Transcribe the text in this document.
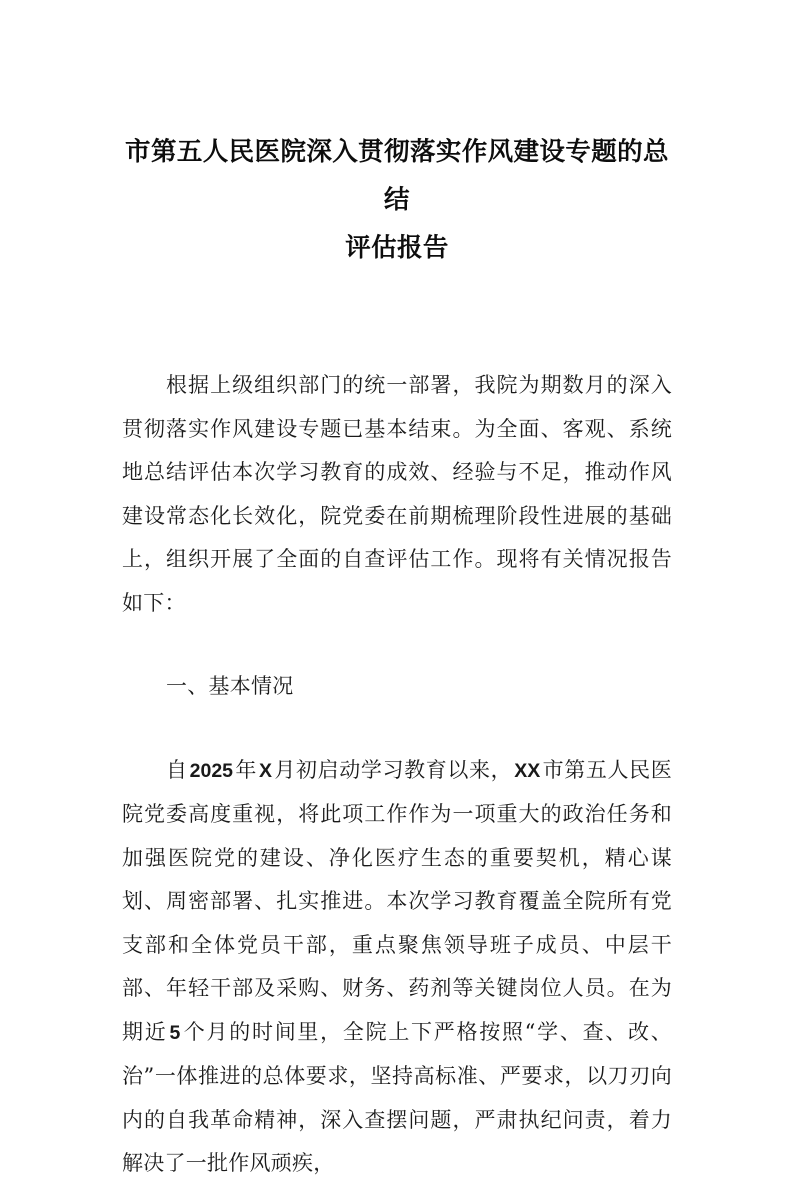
市第五人民医院深入贯彻落实作风建设专题的总结
评估报告

根据上级组织部门的统一部署，我院为期数月的深入贯彻落实作风建设专题已基本结束。为全面、客观、系统地总结评估本次学习教育的成效、经验与不足，推动作风建设常态化长效化，院党委在前期梳理阶段性进展的基础上，组织开展了全面的自查评估工作。现将有关情况报告如下：

一、基本情况

自 2025年 X月初启动学习教育以来， XX市第五人民医院党委高度重视，将此项工作作为一项重大的政治任务和加强医院党的建设、净化医疗生态的重要契机，精心谋划、周密部署、扎实推进。本次学习教育覆盖全院所有党支部和全体党员干部，重点聚焦领导班子成员、中层干部、年轻干部及采购、财务、药剂等关键岗位人员。在为期近 5个月的时间里，全院上下严格按照“学、查、改、治”一体推进的总体要求，坚持高标准、严要求，以刀刃向内的自我革命精神，深入查摆问题，严肃执纪问责，着力解决了一批作风顽疾，
